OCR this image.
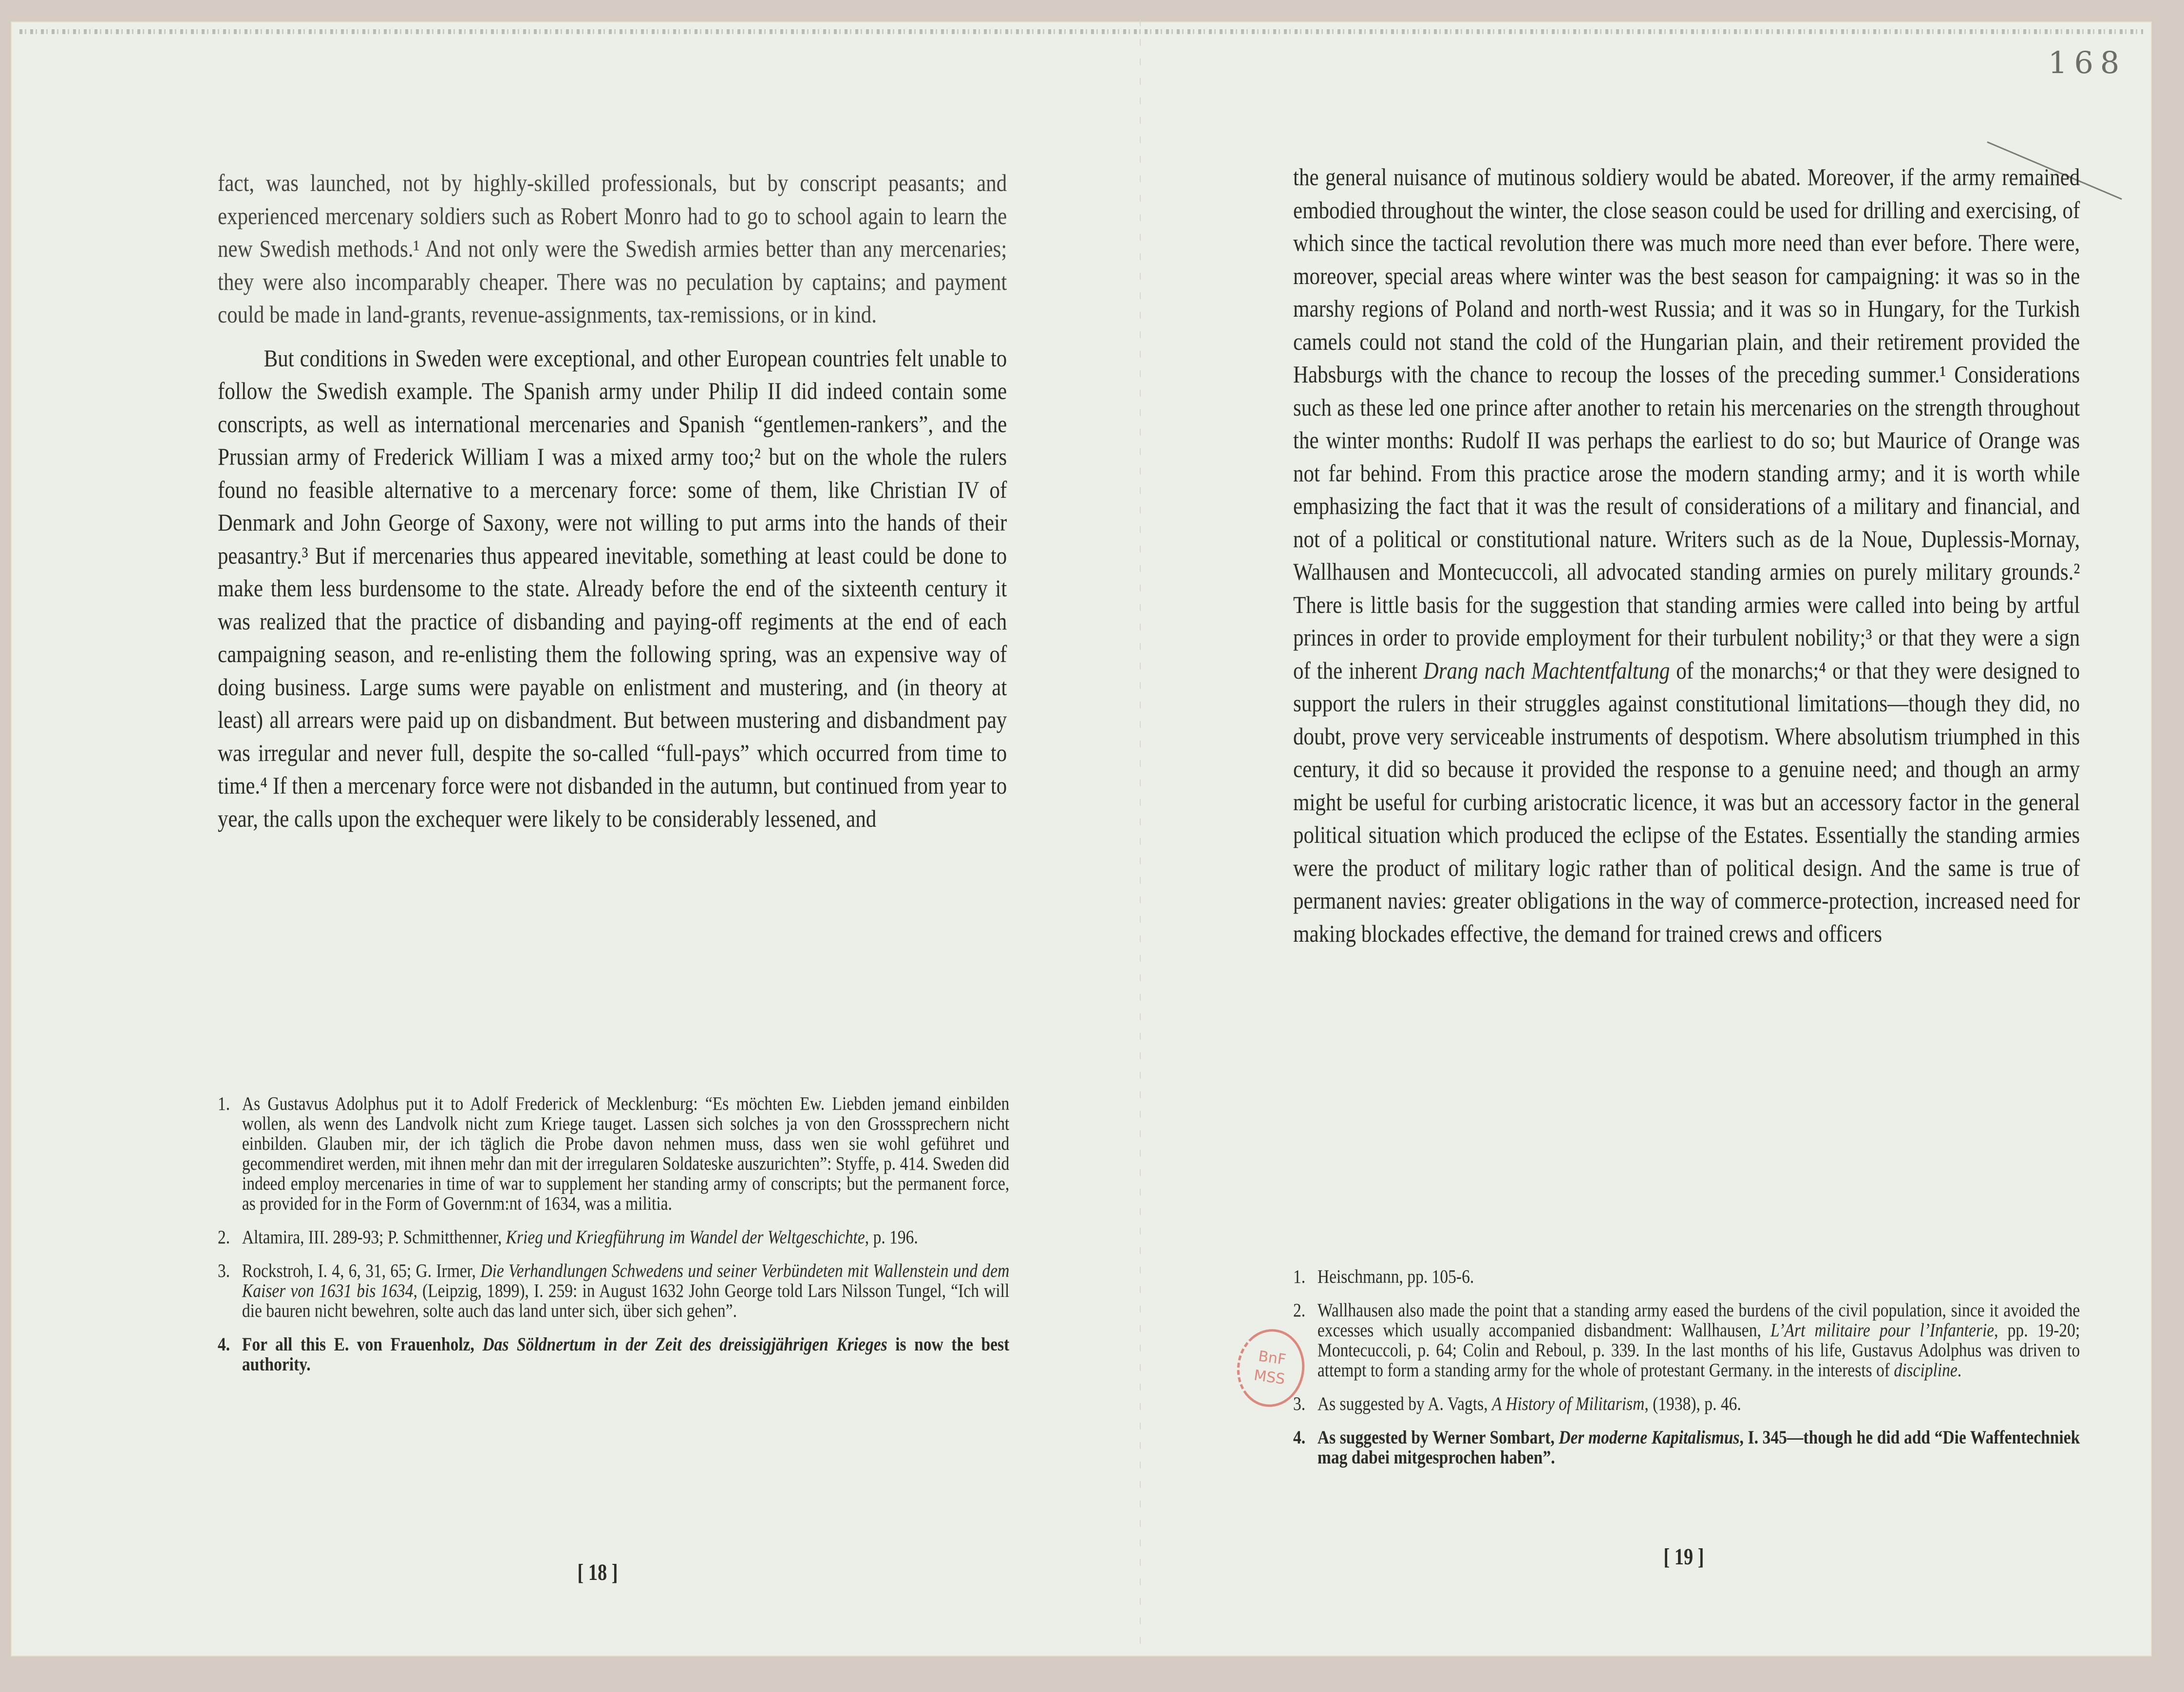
168

fact, was launched, not by highly-skilled professionals, but by conscript peasants; and experienced mercenary soldiers such as Robert Monro had to go to school again to learn the new Swedish methods.¹ And not only were the Swedish armies better than any mercenaries; they were also incomparably cheaper. There was no peculation by captains; and payment could be made in land-grants, revenue-assignments, tax-remissions, or in kind.

But conditions in Sweden were exceptional, and other European countries felt unable to follow the Swedish example. The Spanish army under Philip II did indeed contain some conscripts, as well as international mercenaries and Spanish “gentlemen-rankers”, and the Prussian army of Frederick William I was a mixed army too;² but on the whole the rulers found no feasible alternative to a mercenary force: some of them, like Christian IV of Denmark and John George of Saxony, were not willing to put arms into the hands of their peasantry.³ But if mercenaries thus appeared inevitable, something at least could be done to make them less burdensome to the state. Already before the end of the sixteenth century it was realized that the practice of disbanding and paying-off regiments at the end of each campaigning season, and re-enlisting them the following spring, was an expensive way of doing business. Large sums were payable on enlistment and mustering, and (in theory at least) all arrears were paid up on disbandment. But between mustering and disbandment pay was irregular and never full, despite the so-called “full-pays” which occurred from time to time.⁴ If then a mercenary force were not disbanded in the autumn, but continued from year to year, the calls upon the exchequer were likely to be considerably lessened, and

1. As Gustavus Adolphus put it to Adolf Frederick of Mecklenburg: “Es möchten Ew. Liebden jemand einbilden wollen, als wenn des Landvolk nicht zum Kriege tauget. Lassen sich solches ja von den Grosssprechern nicht einbilden. Glauben mir, der ich täglich die Probe davon nehmen muss, dass wen sie wohl geführet und gecommendiret werden, mit ihnen mehr dan mit der irregularen Soldateske auszurichten”: Styffe, p. 414. Sweden did indeed employ mercenaries in time of war to supplement her standing army of conscripts; but the permanent force, as provided for in the Form of Governm:nt of 1634, was a militia.
2. Altamira, III. 289-93; P. Schmitthenner, Krieg und Kriegführung im Wandel der Weltgeschichte, p. 196.
3. Rockstroh, I. 4, 6, 31, 65; G. Irmer, Die Verhandlungen Schwedens und seiner Verbündeten mit Wallenstein und dem Kaiser von 1631 bis 1634, (Leipzig, 1899), I. 259: in August 1632 John George told Lars Nilsson Tungel, “Ich will die bauren nicht bewehren, solte auch das land unter sich, über sich gehen”.
4. For all this E. von Frauenholz, Das Söldnertum in der Zeit des dreissigjährigen Krieges is now the best authority.
[ 18 ]

the general nuisance of mutinous soldiery would be abated. Moreover, if the army remained embodied throughout the winter, the close season could be used for drilling and exercising, of which since the tactical revolution there was much more need than ever before. There were, moreover, special areas where winter was the best season for campaigning: it was so in the marshy regions of Poland and north-west Russia; and it was so in Hungary, for the Turkish camels could not stand the cold of the Hungarian plain, and their retirement provided the Habsburgs with the chance to recoup the losses of the preceding summer.¹ Considerations such as these led one prince after another to retain his mercenaries on the strength throughout the winter months: Rudolf II was perhaps the earliest to do so; but Maurice of Orange was not far behind. From this practice arose the modern standing army; and it is worth while emphasizing the fact that it was the result of considerations of a military and financial, and not of a political or constitutional nature. Writers such as de la Noue, Duplessis-Mornay, Wallhausen and Montecuccoli, all advocated standing armies on purely military grounds.² There is little basis for the suggestion that standing armies were called into being by artful princes in order to provide employment for their turbulent nobility;³ or that they were a sign of the inherent Drang nach Machtentfaltung of the monarchs;⁴ or that they were designed to support the rulers in their struggles against constitutional limitations—though they did, no doubt, prove very serviceable instruments of despotism. Where absolutism triumphed in this century, it did so because it provided the response to a genuine need; and though an army might be useful for curbing aristocratic licence, it was but an accessory factor in the general political situation which produced the eclipse of the Estates. Essentially the standing armies were the product of military logic rather than of political design. And the same is true of permanent navies: greater obligations in the way of commerce-protection, increased need for making blockades effective, the demand for trained crews and officers

1. Heischmann, pp. 105-6.
2. Wallhausen also made the point that a standing army eased the burdens of the civil population, since it avoided the excesses which usually accompanied disbandment: Wallhausen, L’Art militaire pour l’Infanterie, pp. 19-20; Montecuccoli, p. 64; Colin and Reboul, p. 339. In the last months of his life, Gustavus Adolphus was driven to attempt to form a standing army for the whole of protestant Germany. in the interests of discipline.
3. As suggested by A. Vagts, A History of Militarism, (1938), p. 46.
4. As suggested by Werner Sombart, Der moderne Kapitalismus, I. 345—though he did add “Die Waffentechniek mag dabei mitgesprochen haben”.
BnF
MSS
[ 19 ]
